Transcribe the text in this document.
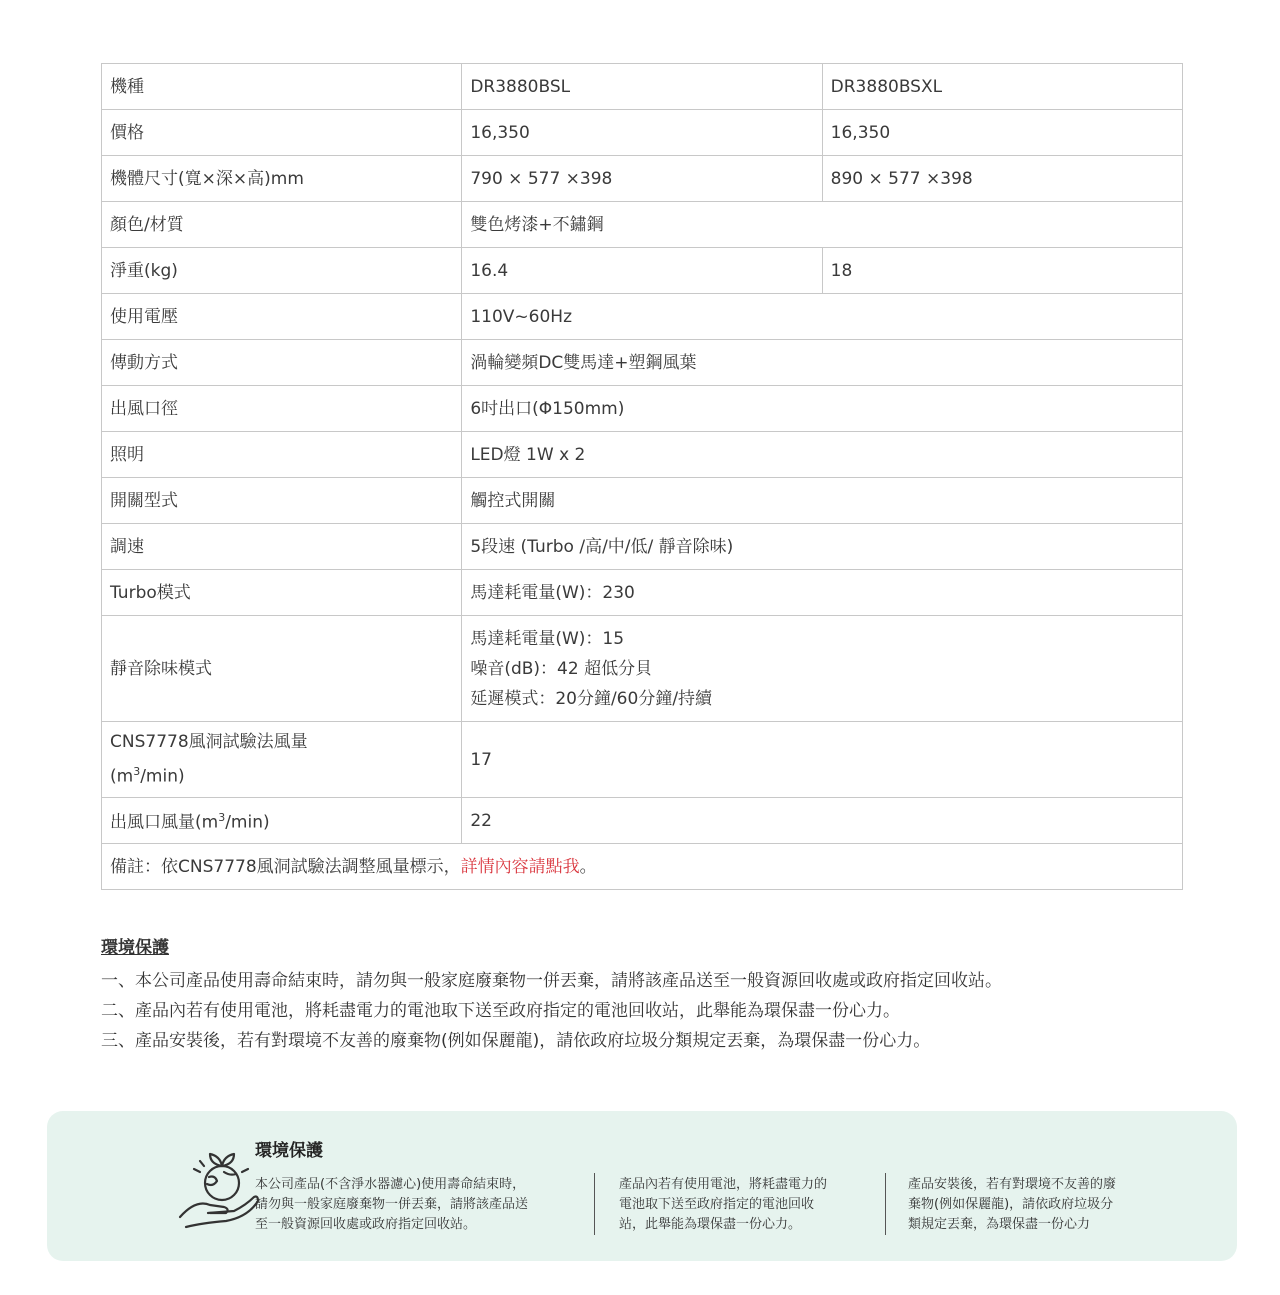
機種	DR3880BSL	DR3880BSXL
價格	16,350	16,350
機體尺寸(寬×深×高)mm	790 × 577 ×398	890 × 577 ×398
顏色/材質	雙色烤漆+不鏽鋼	
淨重(kg)	16.4	18
使用電壓	110V~60Hz	
傳動方式	渦輪變頻DC雙馬達+塑鋼風葉	
出風口徑	6吋出口(Φ150mm)	
照明	LED燈 1W x 2	
開關型式	觸控式開關	
調速	5段速 (Turbo /高/中/低/ 靜音除味)	
Turbo模式	馬達耗電量(W)：230	
靜音除味模式	馬達耗電量(W)：15
噪音(dB)：42 超低分貝
延遲模式：20分鐘/60分鐘/持續	

CNS7778風洞試驗法風量
$(m^3/\min)$	17	
出風口風量$(m^3/\min)$	22	
備註：依CNS7778風洞試驗法調整風量標示，詳情內容請點我。		
環境保護

一、本公司產品使用壽命結束時，請勿與一般家庭廢棄物一併丟棄，請將該產品送至一般資源回收處或政府指定回收站。

二、產品內若有使用電池，將耗盡電力的電池取下送至政府指定的電池回收站，此舉能為環保盡一份心力。

三、產品安裝後，若有對環境不友善的廢棄物(例如保麗龍)，請依政府垃圾分類規定丟棄，為環保盡一份心力。

環境保護
本公司產品(不含淨水器濾心)使用壽命結束時，
請勿與一般家庭廢棄物一併丟棄，請將該產品送
至一般資源回收處或政府指定回收站。
產品內若有使用電池，將耗盡電力的
電池取下送至政府指定的電池回收
站，此舉能為環保盡一份心力。
產品安裝後，若有對環境不友善的廢
棄物(例如保麗龍)，請依政府垃圾分
類規定丟棄，為環保盡一份心力
